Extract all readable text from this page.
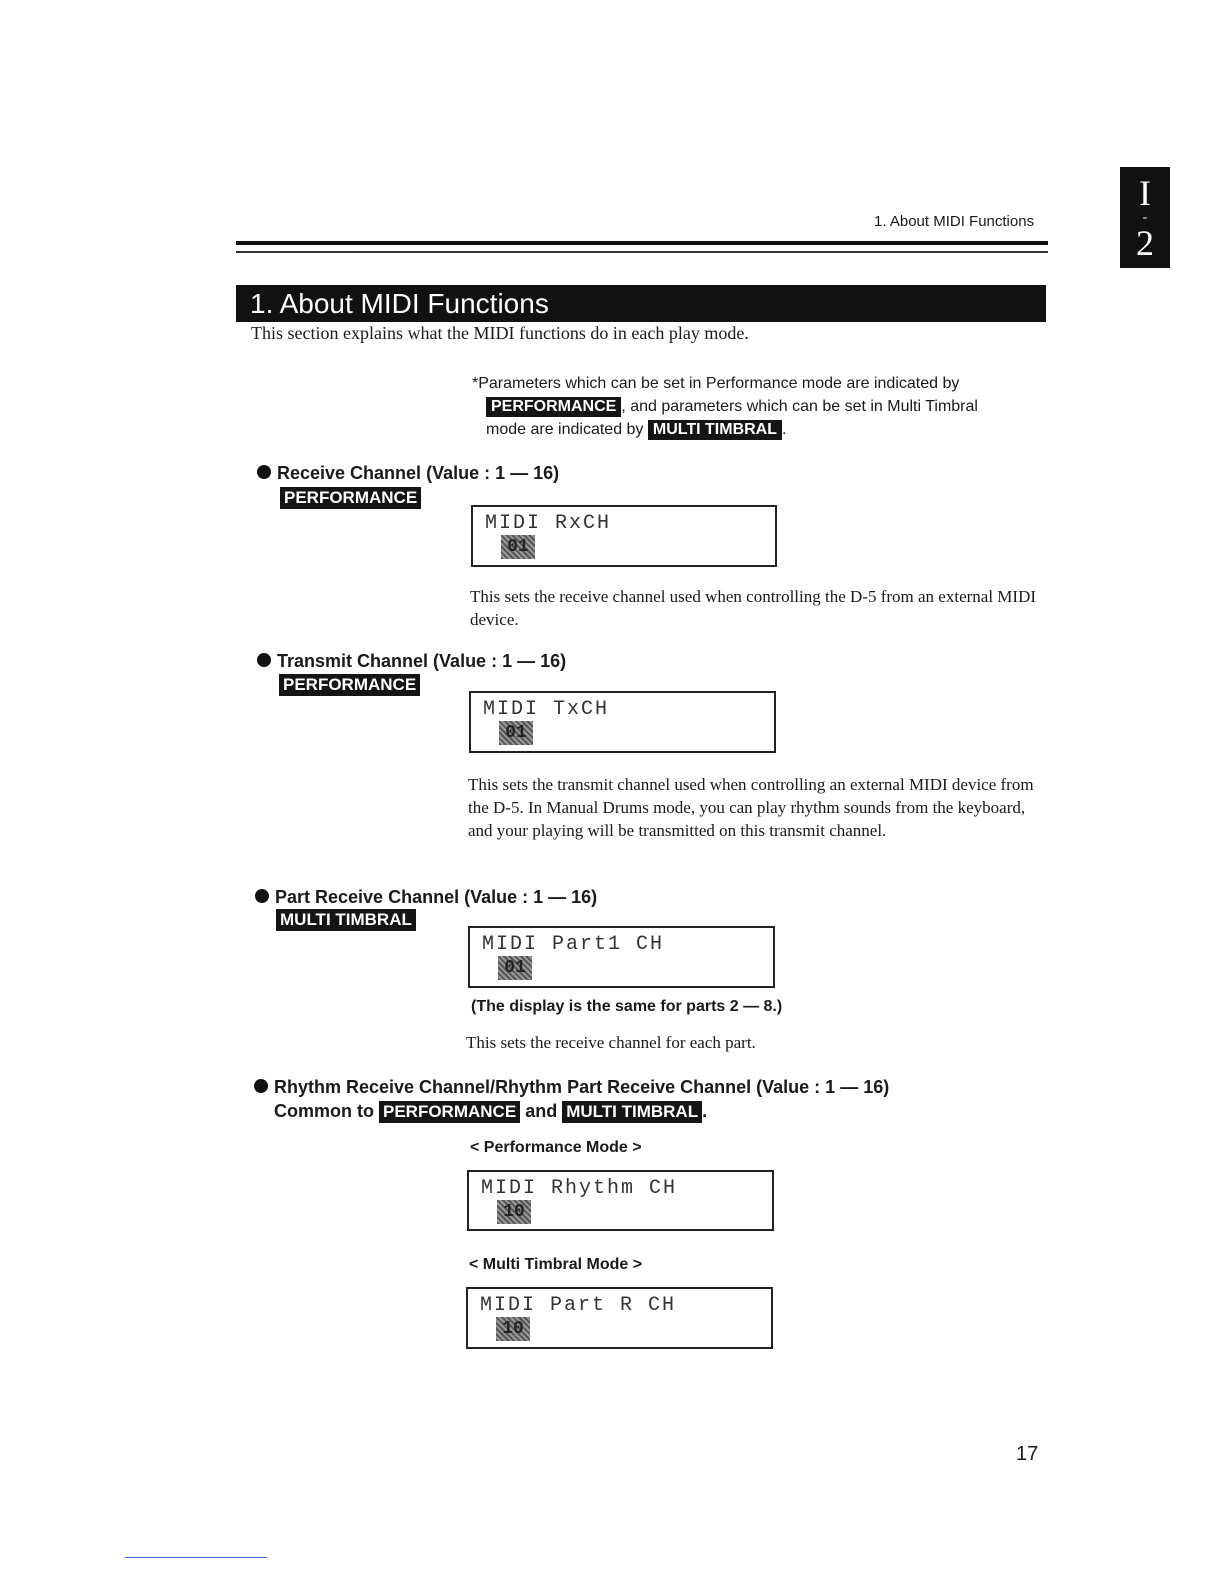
1. About MIDI Functions
I
-
2
1. About MIDI Functions
This section explains what the MIDI functions do in each play mode.
*Parameters which can be set in Performance mode are indicated by
PERFORMANCE , and parameters which can be set in Multi Timbral
mode are indicated by MULTI TIMBRAL .
Receive Channel (Value : 1 — 16)
PERFORMANCE
MIDI RxCH
01
This sets the receive channel used when controlling the D-5 from an external MIDI device.
Transmit Channel (Value : 1 — 16)
PERFORMANCE
MIDI TxCH
01
This sets the transmit channel used when controlling an external MIDI device from the D-5. In Manual Drums mode, you can play rhythm sounds from the keyboard, and your playing will be transmitted on this transmit channel.
Part Receive Channel (Value : 1 — 16)
MULTI TIMBRAL
MIDI Part1 CH
01
(The display is the same for parts 2 — 8.)
This sets the receive channel for each part.
Rhythm Receive Channel/Rhythm Part Receive Channel (Value : 1 — 16)
Common to PERFORMANCE and MULTI TIMBRAL .
< Performance Mode >
MIDI Rhythm CH
10
< Multi Timbral Mode >
MIDI Part R CH
10
17
